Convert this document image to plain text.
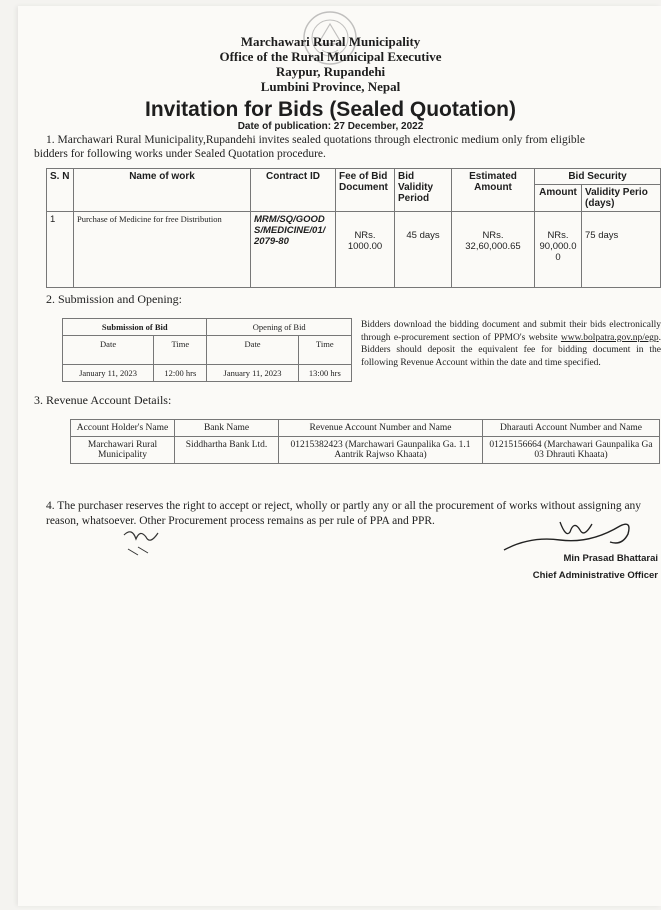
Marchawari Rural Municipality
Office of the Rural Municipal Executive
Raypur, Rupandehi
Lumbini Province, Nepal
Invitation for Bids (Sealed Quotation)
Date of publication: 27 December, 2022
1. Marchawari Rural Municipality,Rupandehi invites sealed quotations through electronic medium only from eligible
bidders for following works under Sealed Quotation procedure.
S. N	Name of work	Contract ID	Fee of Bid Document	Bid Validity Period	Estimated Amount	Bid Security	
						Amount	Validity Perio (days)
1	Purchase of Medicine for free Distribution	MRM/SQ/GOOD S/MEDICINE/01/ 2079-80	NRs. 1000.00	45 days	NRs. 32,60,000.65	NRs. 90,000.0 0	75 days
2. Submission and Opening:
Submission of Bid		Opening of Bid	
Date	Time	Date	Time
January 11, 2023	12:00 hrs	January 11, 2023	13:00 hrs
Bidders download the bidding document and submit their bids electronically through e-procurement section of PPMO's website www.bolpatra.gov.np/egp. Bidders should deposit the equivalent fee for bidding document in the following Revenue Account within the date and time specified.
3. Revenue Account Details:
Account Holder's Name	Bank Name	Revenue Account Number and Name	Dharauti Account Number and Name
Marchawari Rural Municipality	Siddhartha Bank Ltd.	01215382423 (Marchawari Gaunpalika Ga. 1.1 Aantrik Rajwso Khaata)	01215156664 (Marchawari Gaunpalika Ga 03 Dhrauti Khaata)
4. The purchaser reserves the right to accept or reject, wholly or partly any or all the procurement of works without assigning any reason, whatsoever. Other Procurement process remains as per rule of PPA and PPR.
Min Prasad Bhattarai
Chief Administrative Officer
